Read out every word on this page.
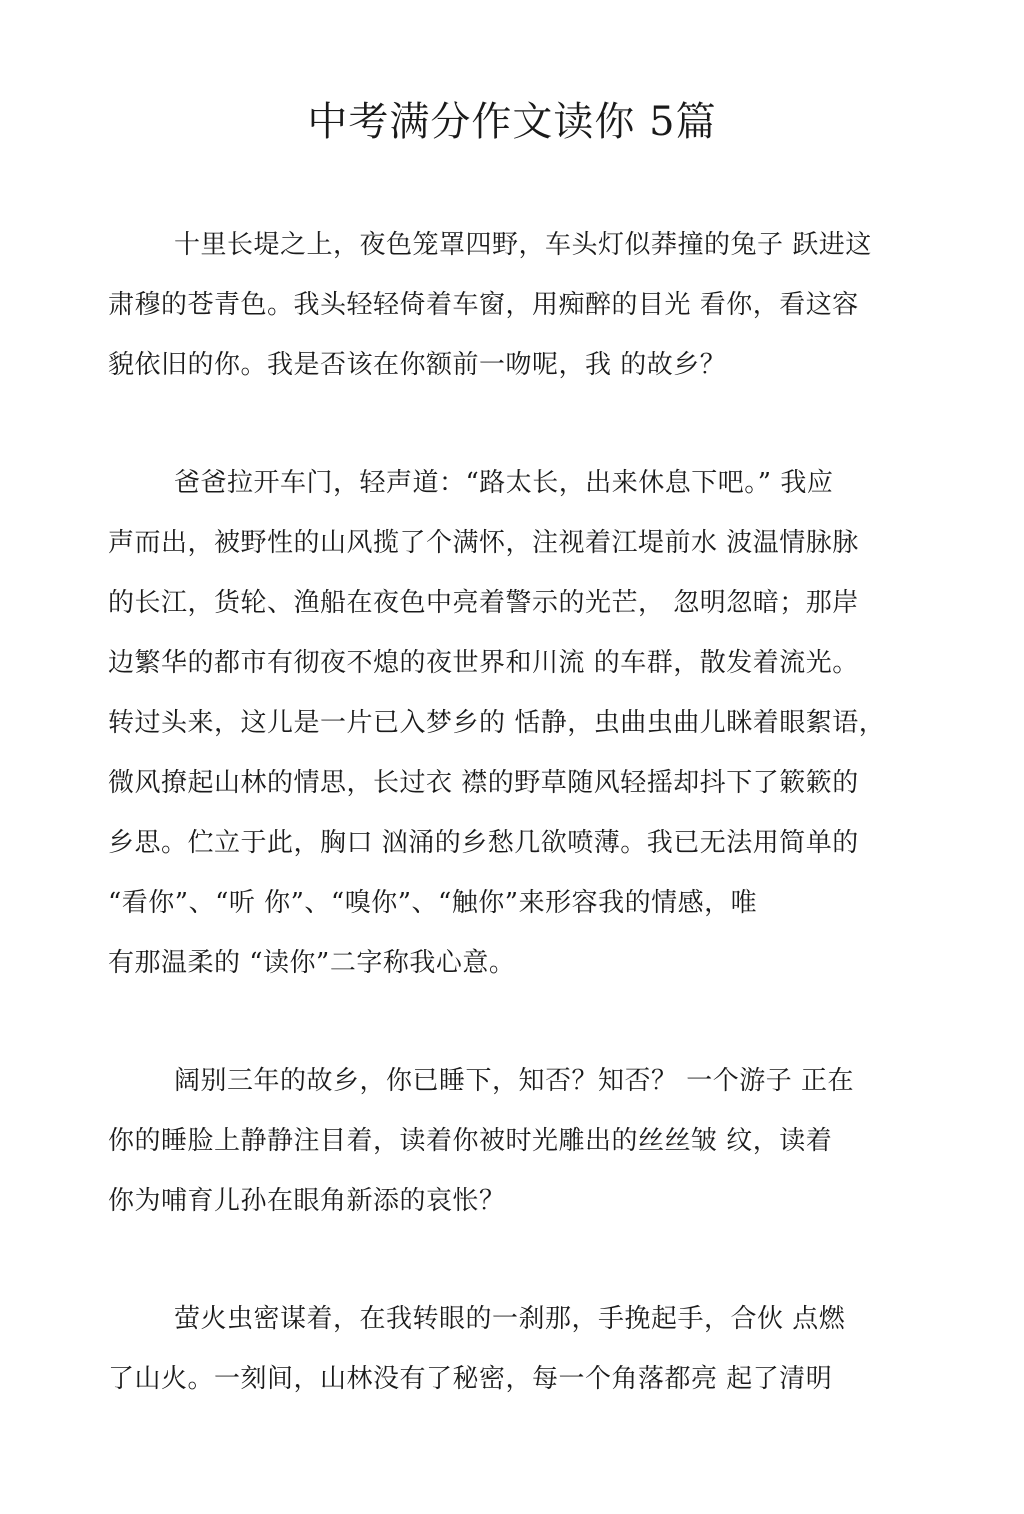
中考满分作文读你 5篇
十里长堤之上，夜色笼罩四野，车头灯似莽撞的兔子 跃进这
肃穆的苍青色。我头轻轻倚着车窗，用痴醉的目光 看你，看这容
貌依旧的你。我是否该在你额前一吻呢，我 的故乡？
爸爸拉开车门，轻声道：“路太长，出来休息下吧。” 我应
声而出，被野性的山风揽了个满怀，注视着江堤前水 波温情脉脉
的长江，货轮、渔船在夜色中亮着警示的光芒， 忽明忽暗；那岸
边繁华的都市有彻夜不熄的夜世界和川流 的车群，散发着流光。
转过头来，这儿是一片已入梦乡的 恬静，虫曲虫曲儿眯着眼絮语，
微风撩起山林的情思，长过衣 襟的野草随风轻摇却抖下了簌簌的
乡思。伫立于此，胸口 汹涌的乡愁几欲喷薄。我已无法用简单的
“看你”、“听 你”、“嗅你”、“触你”来形容我的情感，唯
有那温柔的 “读你”二字称我心意。
阔别三年的故乡，你已睡下，知否？知否？ 一个游子 正在
你的睡脸上静静注目着，读着你被时光雕出的丝丝皱 纹，读着
你为哺育儿孙在眼角新添的哀怅？
萤火虫密谋着，在我转眼的一刹那，手挽起手，合伙 点燃
了山火。一刻间，山林没有了秘密，每一个角落都亮 起了清明
